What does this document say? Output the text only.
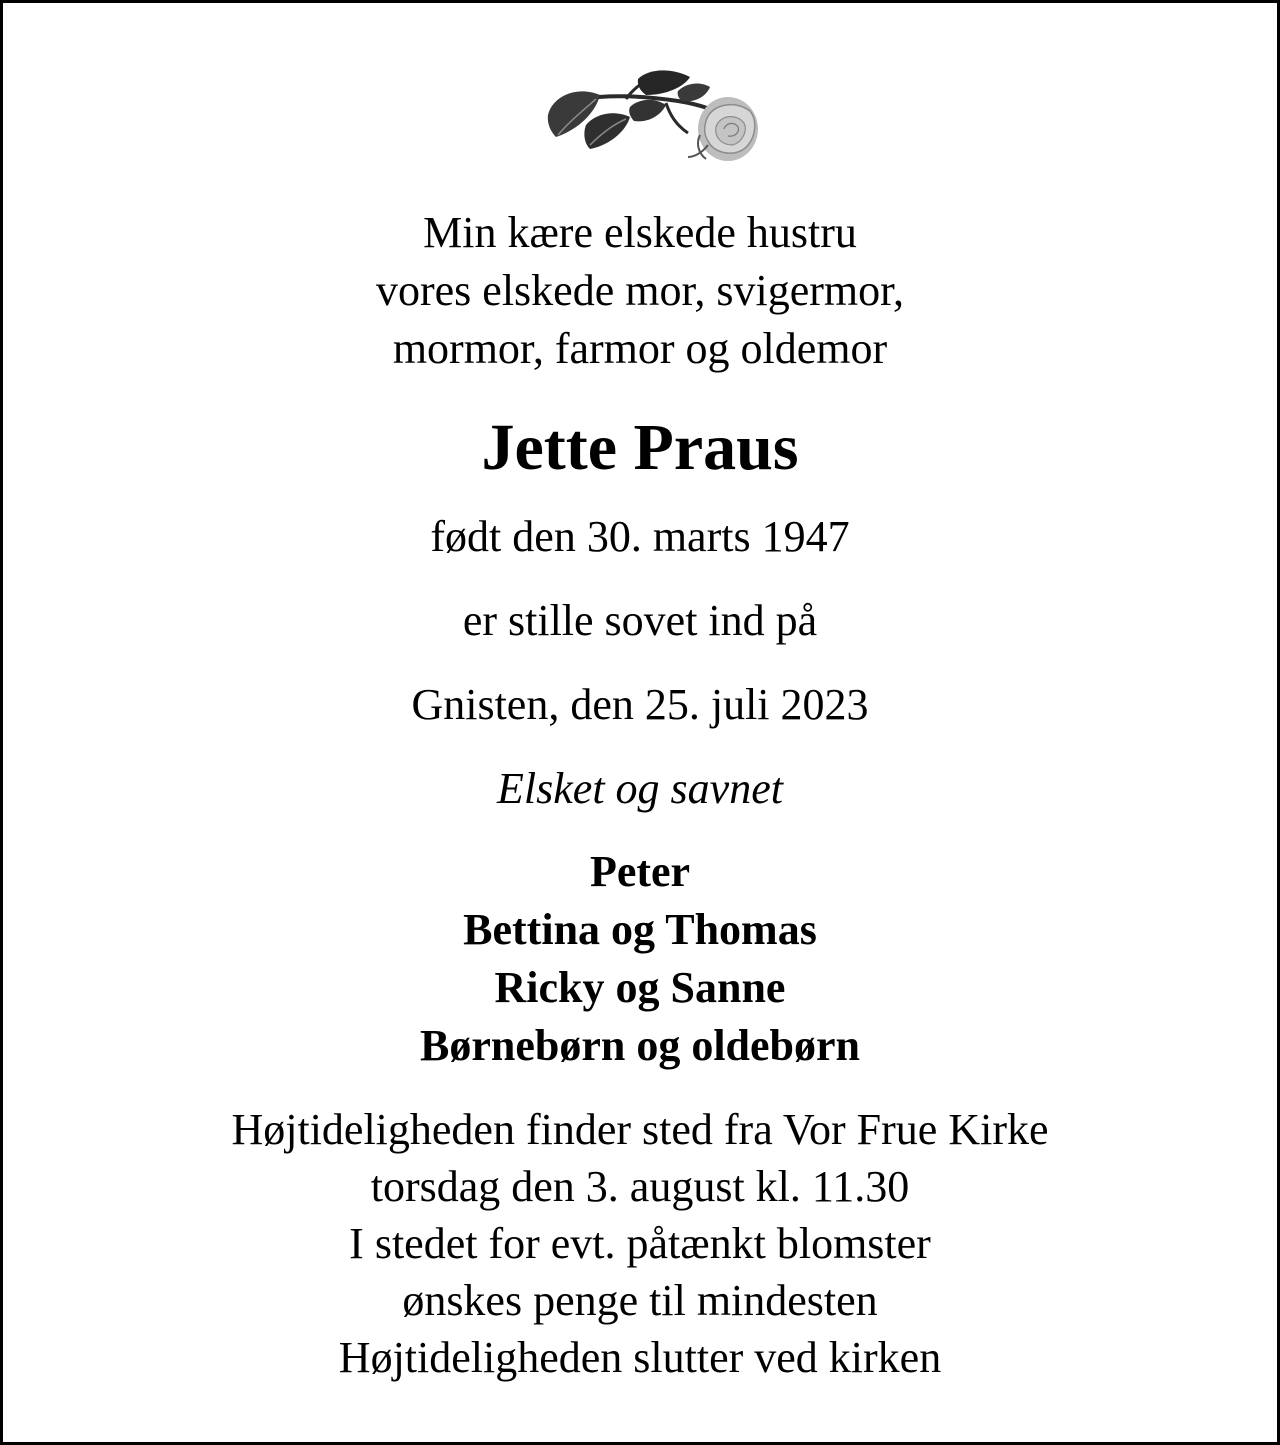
Min kære elskede hustru
vores elskede mor, svigermor,
mormor, farmor og oldemor
Jette Praus
født den 30. marts 1947
er stille sovet ind på
Gnisten, den 25. juli 2023
Elsket og savnet
Peter
Bettina og Thomas
Ricky og Sanne
Børnebørn og oldebørn
Højtideligheden finder sted fra Vor Frue Kirke
torsdag den 3. august kl. 11.30
I stedet for evt. påtænkt blomster
ønskes penge til mindesten
Højtideligheden slutter ved kirken
